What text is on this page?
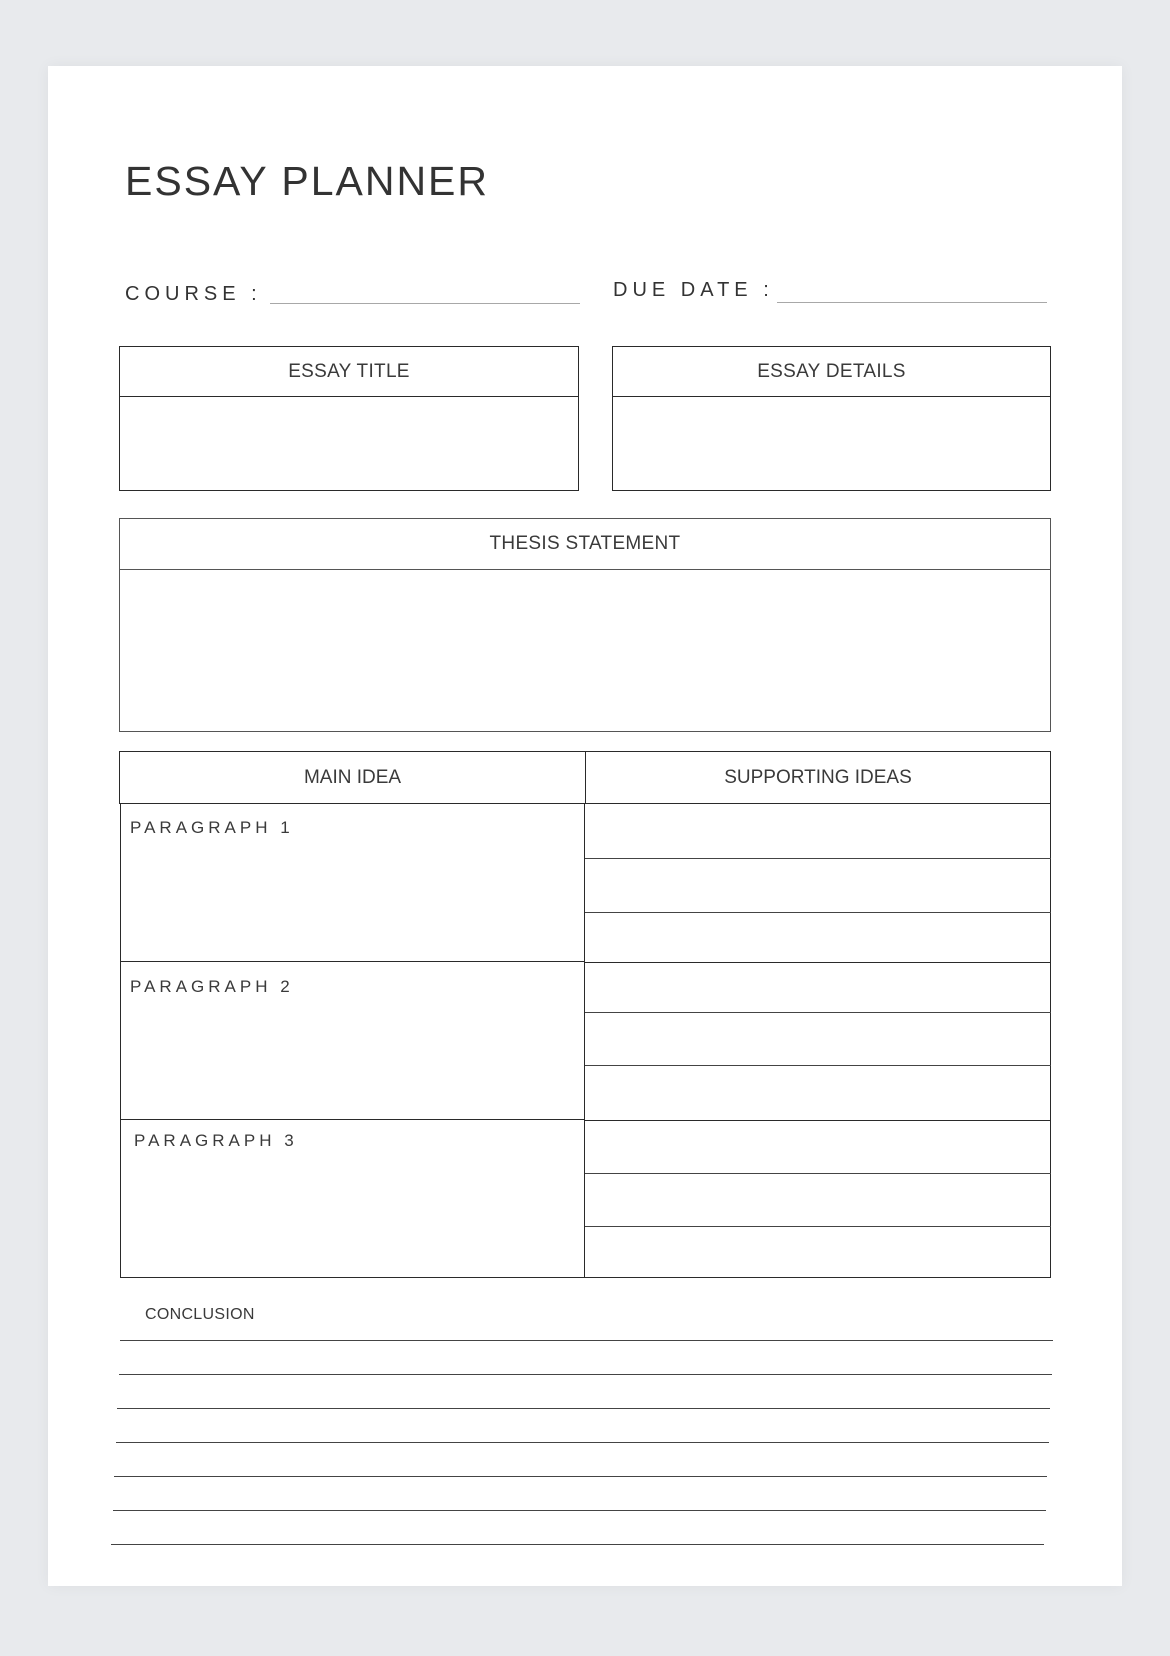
ESSAY PLANNER
COURSE :	DUE DATE :
ESSAY TITLE	ESSAY DETAILS
THESIS STATEMENT
MAIN IDEA	SUPPORTING IDEAS
PARAGRAPH 1
PARAGRAPH 2
PARAGRAPH 3
CONCLUSION
